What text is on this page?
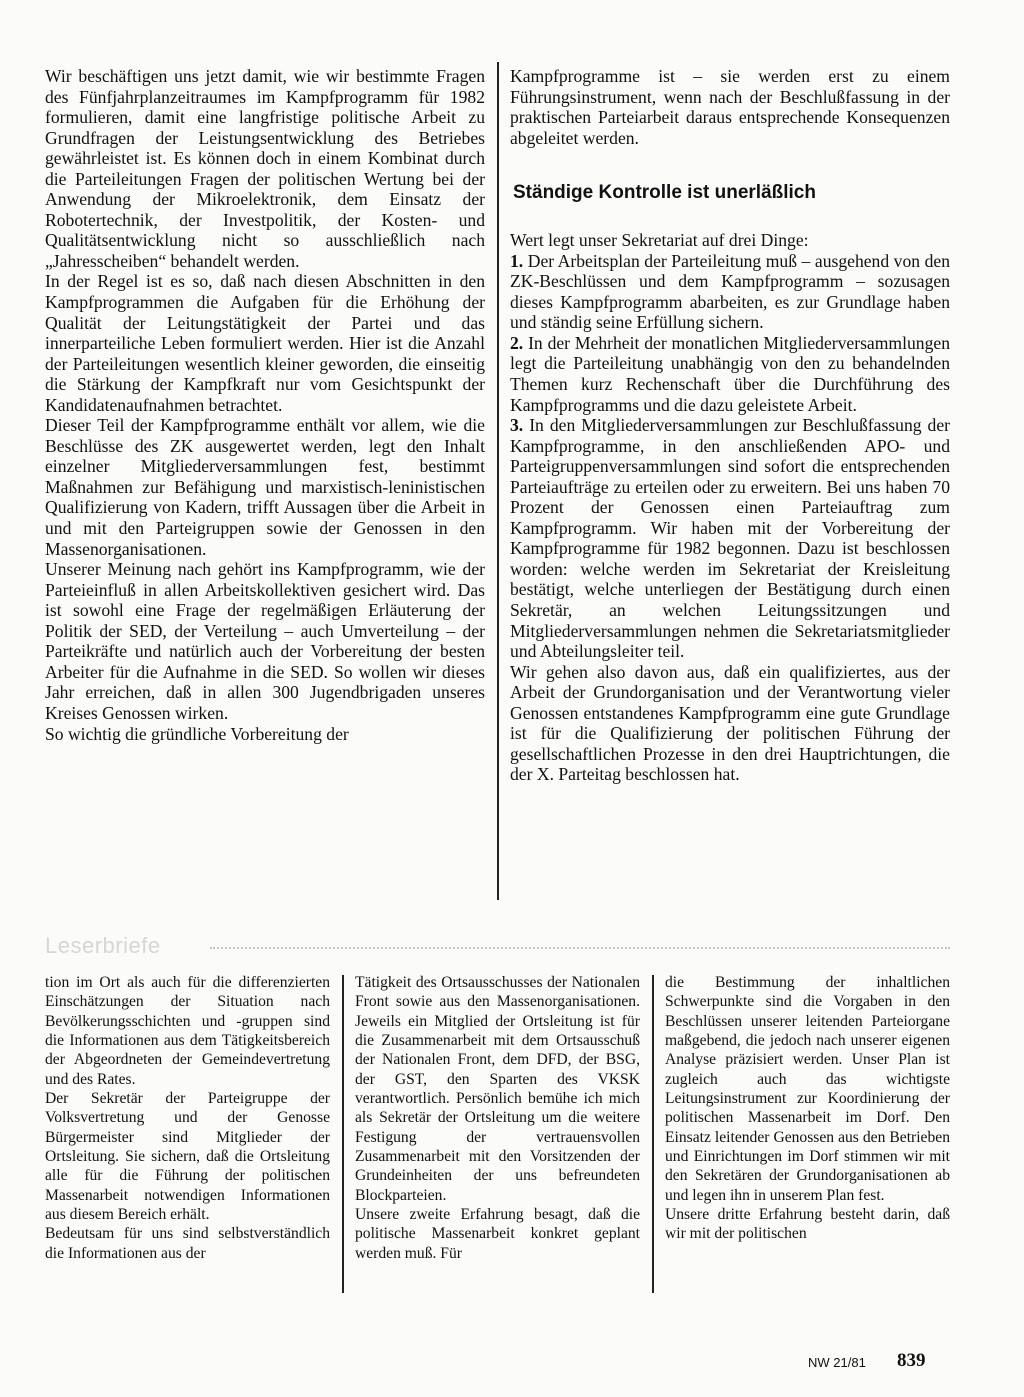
Wir beschäftigen uns jetzt damit, wie wir bestimmte Fragen des Fünfjahrplanzeitraumes im Kampfprogramm für 1982 formulieren, damit eine langfristige politische Arbeit zu Grundfragen der Leistungsentwicklung des Betriebes gewährleistet ist. Es können doch in einem Kombinat durch die Parteileitungen Fragen der politischen Wertung bei der Anwendung der Mikroelektronik, dem Einsatz der Robotertechnik, der Investpolitik, der Kosten- und Qualitätsentwicklung nicht so ausschließlich nach „Jahresscheiben“ behandelt werden.

In der Regel ist es so, daß nach diesen Abschnitten in den Kampfprogrammen die Aufgaben für die Erhöhung der Qualität der Leitungstätigkeit der Partei und das innerparteiliche Leben formuliert werden. Hier ist die Anzahl der Parteileitungen wesentlich kleiner geworden, die einseitig die Stärkung der Kampfkraft nur vom Gesichtspunkt der Kandidatenaufnahmen betrachtet.

Dieser Teil der Kampfprogramme enthält vor allem, wie die Beschlüsse des ZK ausgewertet werden, legt den Inhalt einzelner Mitgliederversammlungen fest, bestimmt Maßnahmen zur Befähigung und marxistisch-leninistischen Qualifizierung von Kadern, trifft Aussagen über die Arbeit in und mit den Parteigruppen sowie der Genossen in den Massenorganisationen.

Unserer Meinung nach gehört ins Kampfprogramm, wie der Parteieinfluß in allen Arbeitskollektiven gesichert wird. Das ist sowohl eine Frage der regelmäßigen Erläuterung der Politik der SED, der Verteilung – auch Umverteilung – der Parteikräfte und natürlich auch der Vorbereitung der besten Arbeiter für die Aufnahme in die SED. So wollen wir dieses Jahr erreichen, daß in allen 300 Jugendbrigaden unseres Kreises Genossen wirken.

So wichtig die gründliche Vorbereitung der

Kampfprogramme ist – sie werden erst zu einem Führungsinstrument, wenn nach der Beschlußfassung in der praktischen Parteiarbeit daraus entsprechende Konsequenzen abgeleitet werden.

Ständige Kontrolle ist unerläßlich

Wert legt unser Sekretariat auf drei Dinge:

1. Der Arbeitsplan der Parteileitung muß – ausgehend von den ZK-Beschlüssen und dem Kampfprogramm – sozusagen dieses Kampfprogramm abarbeiten, es zur Grundlage haben und ständig seine Erfüllung sichern.

2. In der Mehrheit der monatlichen Mitgliederversammlungen legt die Parteileitung unabhängig von den zu behandelnden Themen kurz Rechenschaft über die Durchführung des Kampfprogramms und die dazu geleistete Arbeit.

3. In den Mitgliederversammlungen zur Beschlußfassung der Kampfprogramme, in den anschließenden APO- und Parteigruppenversammlungen sind sofort die entsprechenden Parteiaufträge zu erteilen oder zu erweitern. Bei uns haben 70 Prozent der Genossen einen Parteiauftrag zum Kampfprogramm. Wir haben mit der Vorbereitung der Kampfprogramme für 1982 begonnen. Dazu ist beschlossen worden: welche werden im Sekretariat der Kreisleitung bestätigt, welche unterliegen der Bestätigung durch einen Sekretär, an welchen Leitungssitzungen und Mitgliederversammlungen nehmen die Sekretariatsmitglieder und Abteilungsleiter teil.

Wir gehen also davon aus, daß ein qualifiziertes, aus der Arbeit der Grundorganisation und der Verantwortung vieler Genossen entstandenes Kampfprogramm eine gute Grundlage ist für die Qualifizierung der politischen Führung der gesellschaftlichen Prozesse in den drei Hauptrichtungen, die der X. Parteitag beschlossen hat.

Leserbriefe

tion im Ort als auch für die differenzierten Einschätzungen der Situation nach Bevölkerungsschichten und -gruppen sind die Informationen aus dem Tätigkeitsbereich der Abgeordneten der Gemeindevertretung und des Rates.

Der Sekretär der Parteigruppe der Volksvertretung und der Genosse Bürgermeister sind Mitglieder der Ortsleitung. Sie sichern, daß die Ortsleitung alle für die Führung der politischen Massenarbeit notwendigen Informationen aus diesem Bereich erhält.

Bedeutsam für uns sind selbstverständlich die Informationen aus der

Tätigkeit des Ortsausschusses der Nationalen Front sowie aus den Massenorganisationen. Jeweils ein Mitglied der Ortsleitung ist für die Zusammenarbeit mit dem Ortsausschuß der Nationalen Front, dem DFD, der BSG, der GST, den Sparten des VKSK verantwortlich. Persönlich bemühe ich mich als Sekretär der Ortsleitung um die weitere Festigung der vertrauensvollen Zusammenarbeit mit den Vorsitzenden der Grundeinheiten der uns befreundeten Blockparteien.

Unsere zweite Erfahrung besagt, daß die politische Massenarbeit konkret geplant werden muß. Für

die Bestimmung der inhaltlichen Schwerpunkte sind die Vorgaben in den Beschlüssen unserer leitenden Parteiorgane maßgebend, die jedoch nach unserer eigenen Analyse präzisiert werden. Unser Plan ist zugleich auch das wichtigste Leitungsinstrument zur Koordinierung der politischen Massenarbeit im Dorf. Den Einsatz leitender Genossen aus den Betrieben und Einrichtungen im Dorf stimmen wir mit den Sekretären der Grundorganisationen ab und legen ihn in unserem Plan fest.

Unsere dritte Erfahrung besteht darin, daß wir mit der politischen

NW 21/81 839
